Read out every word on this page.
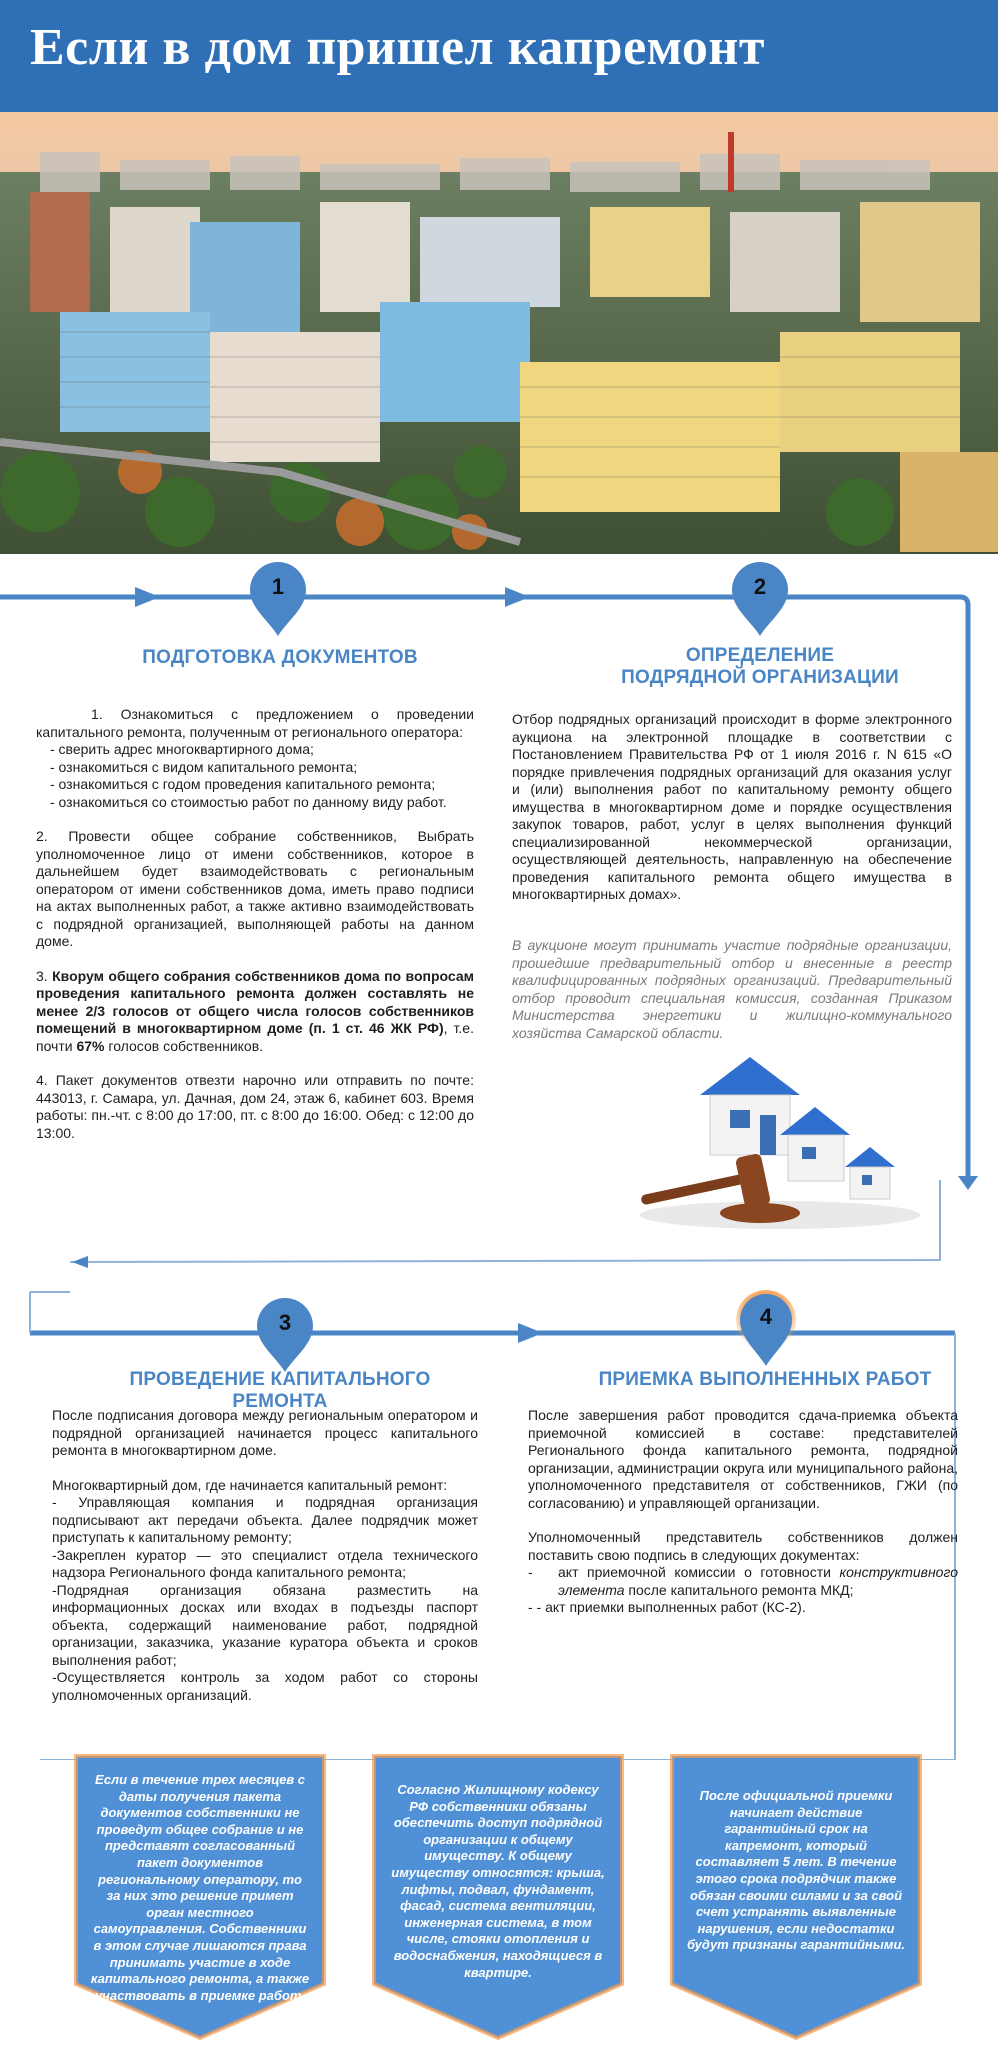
Если в дом пришел капремонт
1	2
3	4
ПОДГОТОВКА ДОКУМЕНТОВ

1. Ознакомиться с предложением о проведении капитального ремонта, полученным от регионального оператора:

- сверить адрес многоквартирного дома;

- ознакомиться с видом капитального ремонта;

- ознакомиться с годом проведения капитального ремонта;

- ознакомиться со стоимостью работ по данному виду работ.

2. Провести общее собрание собственников, Выбрать уполномоченное лицо от имени собственников, которое в дальнейшем будет взаимодействовать с региональным оператором от имени собственников дома, иметь право подписи на актах выполненных работ, а также активно взаимодействовать с подрядной организацией, выполняющей работы на данном доме.

3. Кворум общего собрания собственников дома по вопросам проведения капитального ремонта должен составлять не менее 2/3 голосов от общего числа голосов собственников помещений в многоквартирном доме (п. 1 ст. 46 ЖК РФ), т.е. почти 67% голосов собственников.

4. Пакет документов отвезти нарочно или отправить по почте: 443013, г. Самара, ул. Дачная, дом 24, этаж 6, кабинет 603. Время работы: пн.-чт. с 8:00 до 17:00, пт. с 8:00 до 16:00. Обед: с 12:00 до 13:00.

ОПРЕДЕЛЕНИЕ
ПОДРЯДНОЙ ОРГАНИЗАЦИИ

Отбор подрядных организаций происходит в форме электронного аукциона на электронной площадке в соответствии с Постановлением Правительства РФ от 1 июля 2016 г. N 615 «О порядке привлечения подрядных организаций для оказания услуг и (или) выполнения работ по капитальному ремонту общего имущества в многоквартирном доме и порядке осуществления закупок товаров, работ, услуг в целях выполнения функций специализированной некоммерческой организации, осуществляющей деятельность, направленную на обеспечение проведения капитального ремонта общего имущества в многоквартирных домах».

В аукционе могут принимать участие подрядные организации, прошедшие предварительный отбор и внесенные в реестр квалифицированных подрядных организаций. Предварительный отбор проводит специальная комиссия, созданная Приказом Министерства энергетики и жилищно-коммунального хозяйства Самарской области.
ПРОВЕДЕНИЕ КАПИТАЛЬНОГО РЕМОНТА

После подписания договора между региональным оператором и подрядной организацией начинается процесс капитального ремонта в многоквартирном доме.

Многоквартирный дом, где начинается капитальный ремонт:

- Управляющая компания и подрядная организация подписывают акт передачи объекта. Далее подрядчик может приступать к капитальному ремонту;

-Закреплен куратор — это специалист отдела технического надзора Регионального фонда капитального ремонта;

-Подрядная организация обязана разместить на информационных досках или входах в подъезды паспорт объекта, содержащий наименование работ, подрядной организации, заказчика, указание куратора объекта и сроков выполнения работ;

-Осуществляется контроль за ходом работ со стороны уполномоченных организаций.

ПРИЕМКА ВЫПОЛНЕННЫХ РАБОТ

После завершения работ проводится сдача-приемка объекта приемочной комиссией в составе: представителей Регионального фонда капитального ремонта, подрядной организации, администрации округа или муниципального района, уполномоченного представителя от собственников, ГЖИ (по согласованию) и управляющей организации.

Уполномоченный представитель собственников должен поставить свою подпись в следующих документах:

-	акт приемочной комиссии о готовности конструктивного элемента после капитального ремонта МКД;

- - акт приемки выполненных работ (КС-2).

Если в течение трех месяцев с даты получения пакета документов собственники не проведут общее собрание и не представят согласованный пакет документов региональному оператору, то за них это решение примет орган местного самоуправления. Собственники в этом случае лишаются права принимать участие в ходе капитального ремонта, а также участвовать в приемке работ.
Согласно Жилищному кодексу РФ собственники обязаны обеспечить доступ подрядной организации к общему имуществу. К общему имуществу относятся: крыша, лифты, подвал, фундамент, фасад, система вентиляции, инженерная система, в том числе, стояки отопления и водоснабжения, находящиеся в квартире.
После официальной приемки начинает действие гарантийный срок на капремонт, который составляет 5 лет. В течение этого срока подрядчик также обязан своими силами и за свой счет устранять выявленные нарушения, если недостатки будут признаны гарантийными.
